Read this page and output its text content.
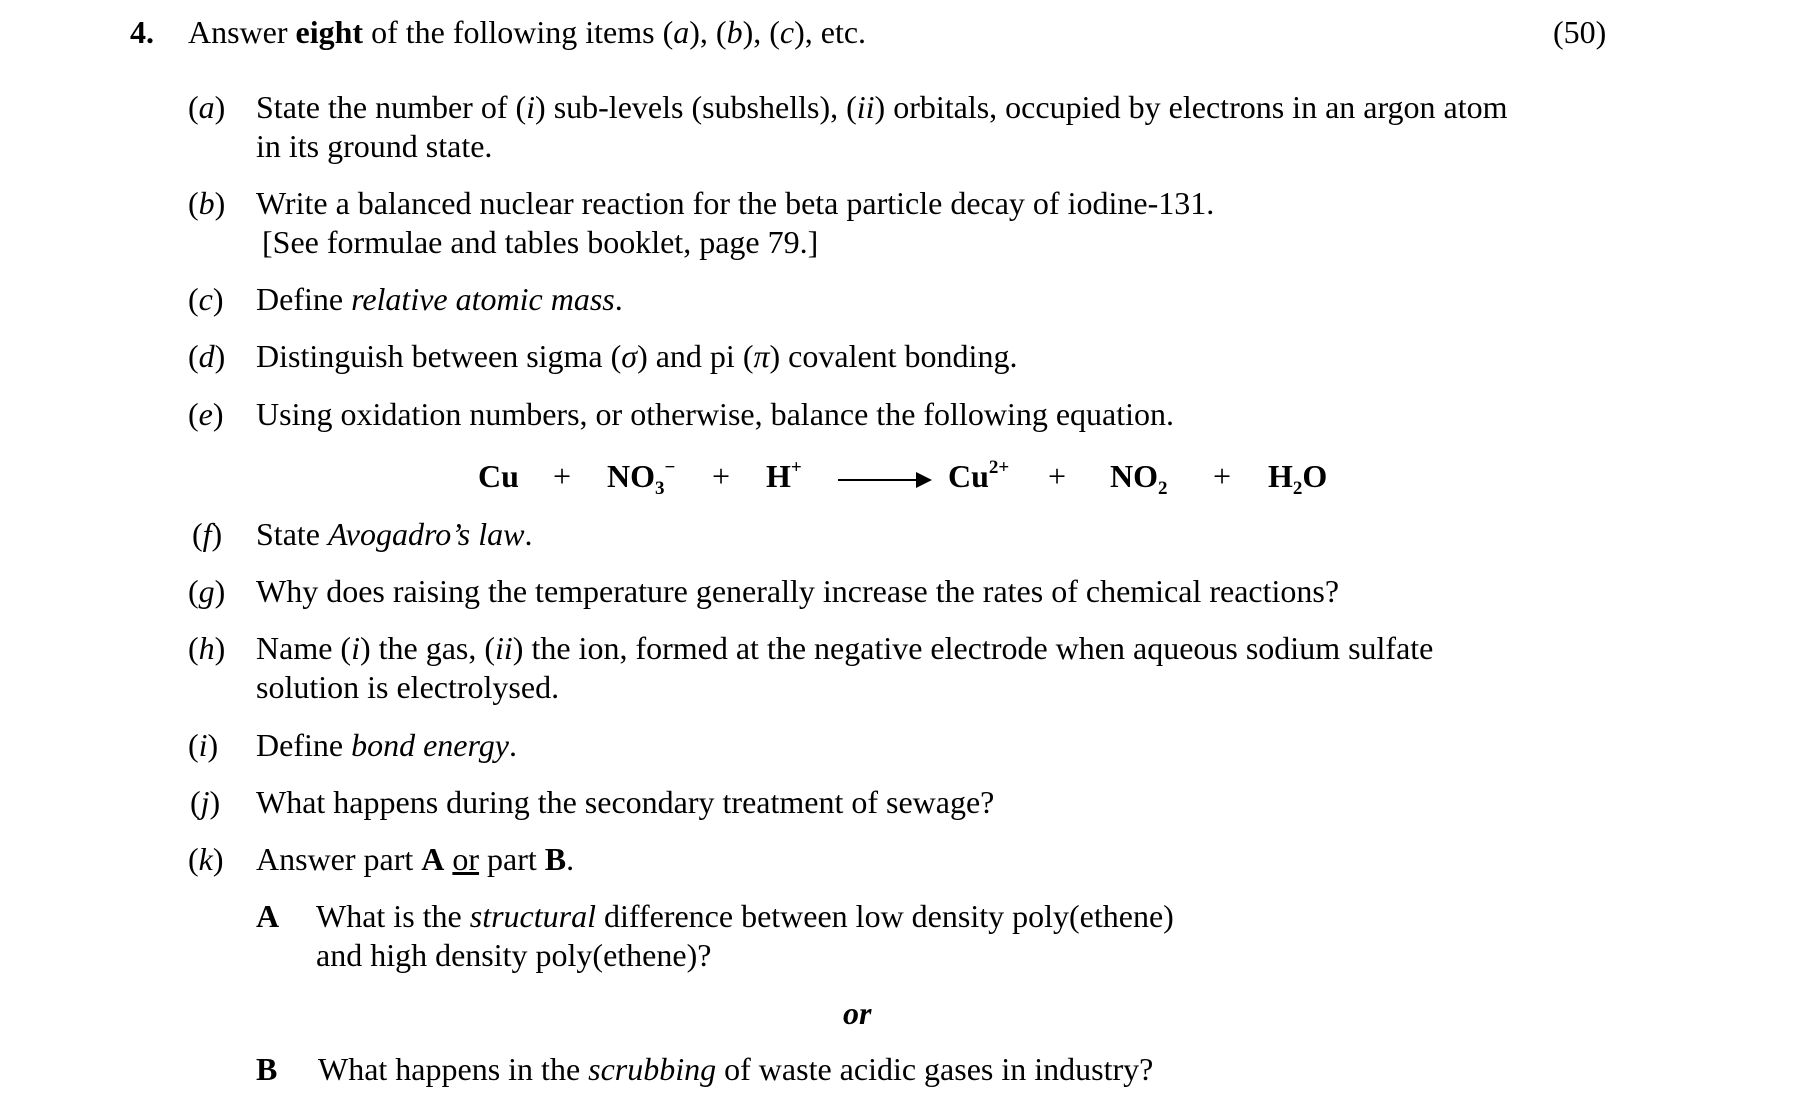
4. Answer eight of the following items (a), (b), (c), etc.	(50)
(a) State the number of (i) sub-levels (subshells), (ii) orbitals, occupied by electrons in an argon atom
in its ground state.
(b) Write a balanced nuclear reaction for the beta particle decay of iodine-131.
[See formulae and tables booklet, page 79.]
(c) Define relative atomic mass.
(d) Distinguish between sigma (σ) and pi (π) covalent bonding.
(e) Using oxidation numbers, or otherwise, balance the following equation.
$Cu + NO_3^- + H^+$	$Cu^{2+} + NO_2 + H_2O$
(f) State Avogadro’s law.
(g) Why does raising the temperature generally increase the rates of chemical reactions?
(h) Name (i) the gas, (ii) the ion, formed at the negative electrode when aqueous sodium sulfate
solution is electrolysed.
(i) Define bond energy.
(j) What happens during the secondary treatment of sewage?
(k) Answer part A or part B.
A What is the structural difference between low density poly(ethene)
and high density poly(ethene)?
or
B What happens in the scrubbing of waste acidic gases in industry?
